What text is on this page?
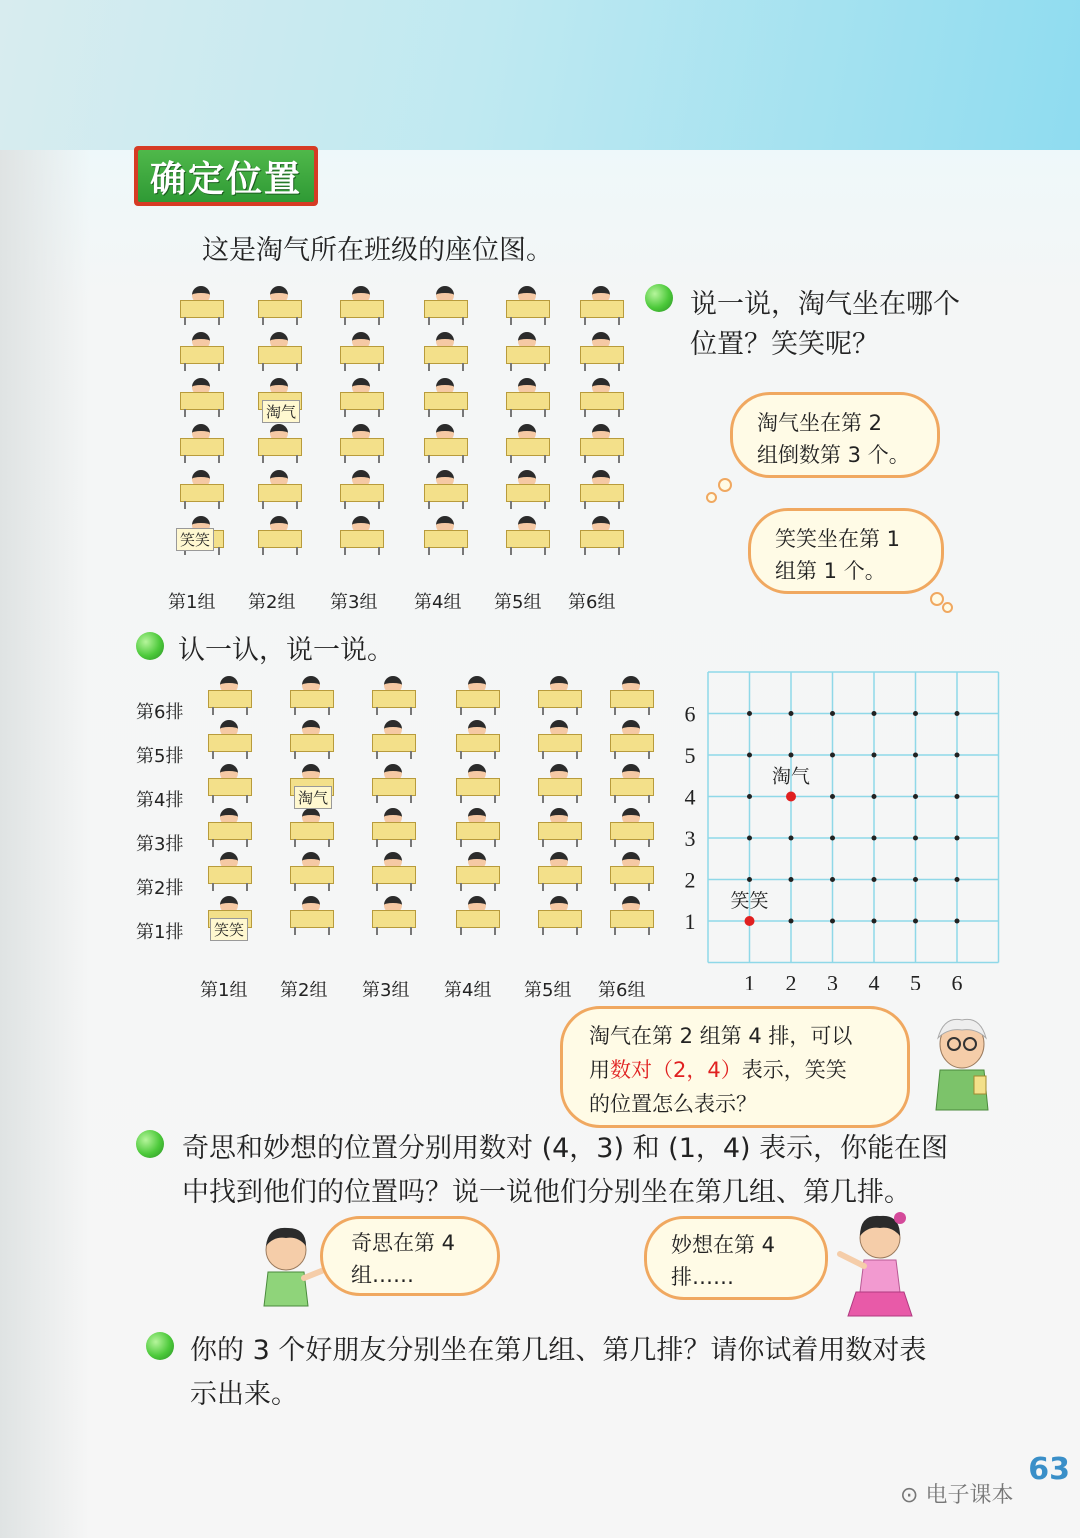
确定位置
这是淘气所在班级的座位图。
淘气
笑笑
第1组 第2组 第3组 第4组 第5组 第6组
说一说，淘气坐在哪个
位置？笑笑呢？
淘气坐在第 2
组倒数第 3 个。
笑笑坐在第 1
组第 1 个。
认一认，说一说。
第6排
第5排
第4排
第3排
第2排
第1排
淘气
笑笑
第1组 第2组 第3组 第4组 第5组 第6组	1 2 3 4 5 6
6
5
4
3
2
1
淘气
笑笑
淘气在第 2 组第 4 排，可以
用数对（2，4）表示，笑笑
的位置怎么表示？
奇思和妙想的位置分别用数对 (4，3) 和 (1，4) 表示，你能在图
中找到他们的位置吗？说一说他们分别坐在第几组、第几排。
奇思在第 4
组……
妙想在第 4
排……
你的 3 个好朋友分别坐在第几组、第几排？请你试着用数对表
示出来。
63
⊙ 电子课本
